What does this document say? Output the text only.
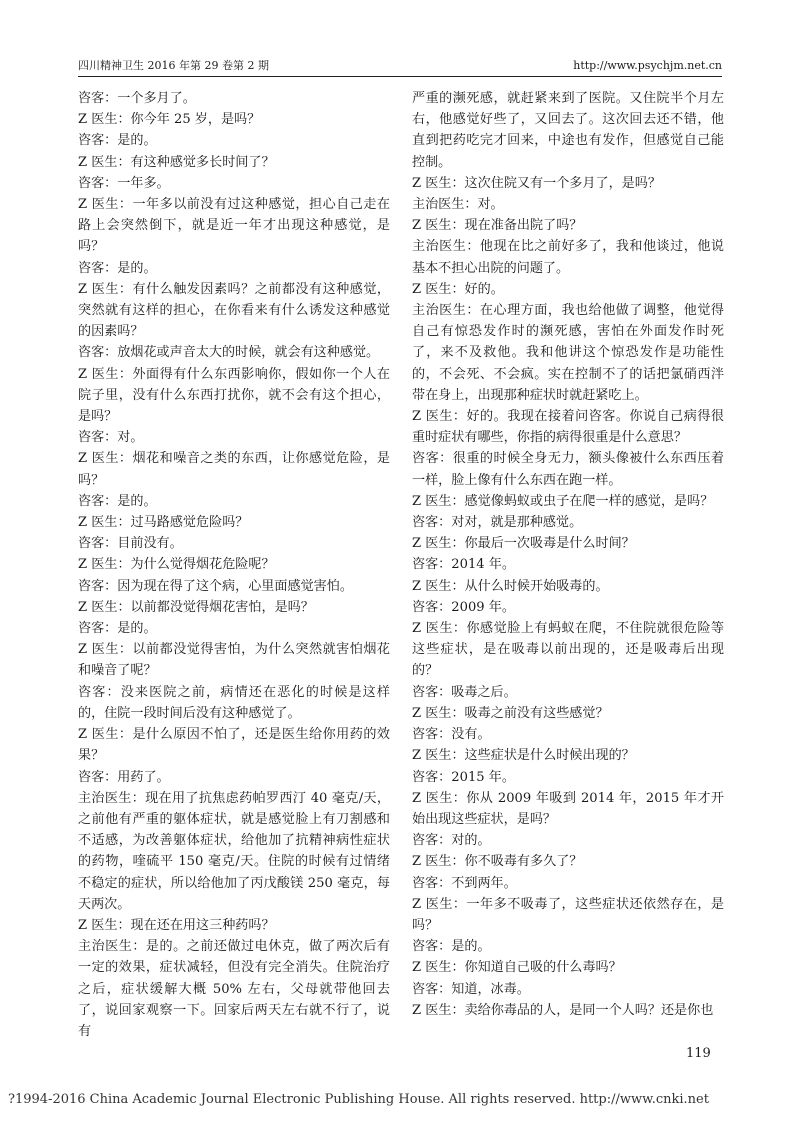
四川精神卫生 2016 年第 29 卷第 2 期	http://www.psychjm.net.cn

咨客：一个多月了。

Z 医生：你今年 25 岁，是吗？

咨客：是的。

Z 医生：有这种感觉多长时间了？

咨客：一年多。

Z 医生：一年多以前没有过这种感觉，担心自己走在路上会突然倒下，就是近一年才出现这种感觉，是吗？

咨客：是的。

Z 医生：有什么触发因素吗？之前都没有这种感觉，突然就有这样的担心，在你看来有什么诱发这种感觉的因素吗？

咨客：放烟花或声音太大的时候，就会有这种感觉。

Z 医生：外面得有什么东西影响你，假如你一个人在院子里，没有什么东西打扰你，就不会有这个担心，是吗？

咨客：对。

Z 医生：烟花和噪音之类的东西，让你感觉危险，是吗？

咨客：是的。

Z 医生：过马路感觉危险吗？

咨客：目前没有。

Z 医生：为什么觉得烟花危险呢？

咨客：因为现在得了这个病，心里面感觉害怕。

Z 医生：以前都没觉得烟花害怕，是吗？

咨客：是的。

Z 医生：以前都没觉得害怕，为什么突然就害怕烟花和噪音了呢？

咨客：没来医院之前，病情还在恶化的时候是这样的，住院一段时间后没有这种感觉了。

Z 医生：是什么原因不怕了，还是医生给你用药的效果？

咨客：用药了。

主治医生：现在用了抗焦虑药帕罗西汀 40 毫克/天，之前他有严重的躯体症状，就是感觉脸上有刀割感和不适感，为改善躯体症状，给他加了抗精神病性症状的药物，喹硫平 150 毫克/天。住院的时候有过情绪不稳定的症状，所以给他加了丙戊酸镁 250 毫克，每天两次。

Z 医生：现在还在用这三种药吗？

主治医生：是的。之前还做过电休克，做了两次后有一定的效果，症状减轻，但没有完全消失。住院治疗之后，症状缓解大概 50% 左右，父母就带他回去了，说回家观察一下。回家后两天左右就不行了，说有

严重的濒死感，就赶紧来到了医院。又住院半个月左右，他感觉好些了，又回去了。这次回去还不错，他直到把药吃完才回来，中途也有发作，但感觉自己能控制。

Z 医生：这次住院又有一个多月了，是吗？

主治医生：对。

Z 医生：现在准备出院了吗？

主治医生：他现在比之前好多了，我和他谈过，他说基本不担心出院的问题了。

Z 医生：好的。

主治医生：在心理方面，我也给他做了调整，他觉得自己有惊恐发作时的濒死感，害怕在外面发作时死了，来不及救他。我和他讲这个惊恐发作是功能性的，不会死、不会疯。实在控制不了的话把氯硝西泮带在身上，出现那种症状时就赶紧吃上。

Z 医生：好的。我现在接着问咨客。你说自己病得很重时症状有哪些，你指的病得很重是什么意思？

咨客：很重的时候全身无力，额头像被什么东西压着一样，脸上像有什么东西在跑一样。

Z 医生：感觉像蚂蚁或虫子在爬一样的感觉，是吗？

咨客：对对，就是那种感觉。

Z 医生：你最后一次吸毒是什么时间？

咨客：2014 年。

Z 医生：从什么时候开始吸毒的。

咨客：2009 年。

Z 医生：你感觉脸上有蚂蚁在爬，不住院就很危险等这些症状，是在吸毒以前出现的，还是吸毒后出现的？

咨客：吸毒之后。

Z 医生：吸毒之前没有这些感觉？

咨客：没有。

Z 医生：这些症状是什么时候出现的？

咨客：2015 年。

Z 医生：你从 2009 年吸到 2014 年，2015 年才开始出现这些症状，是吗？

咨客：对的。

Z 医生：你不吸毒有多久了？

咨客：不到两年。

Z 医生：一年多不吸毒了，这些症状还依然存在，是吗？

咨客：是的。

Z 医生：你知道自己吸的什么毒吗？

咨客：知道，冰毒。

Z 医生：卖给你毒品的人，是同一个人吗？还是你也

119
?1994-2016 China Academic Journal Electronic Publishing House. All rights reserved. http://www.cnki.net
